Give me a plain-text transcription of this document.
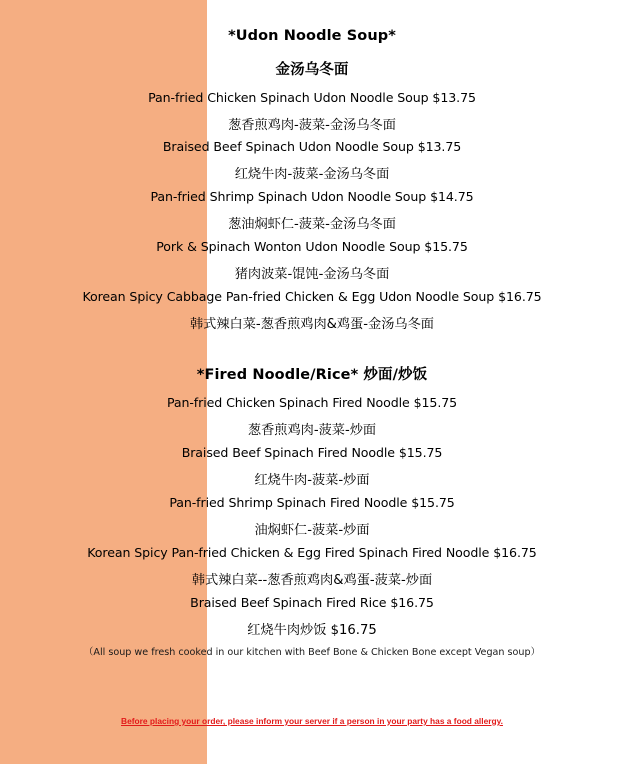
*Udon Noodle Soup*
金汤乌冬面
Pan-fried Chicken Spinach Udon Noodle Soup $13.75
葱香煎鸡肉-菠菜-金汤乌冬面
Braised Beef Spinach Udon Noodle Soup $13.75
红烧牛肉-菠菜-金汤乌冬面
Pan-fried Shrimp Spinach Udon Noodle Soup $14.75
葱油焖虾仁-菠菜-金汤乌冬面
Pork & Spinach Wonton Udon Noodle Soup $15.75
猪肉波菜-馄饨-金汤乌冬面
Korean Spicy Cabbage Pan-fried Chicken & Egg Udon Noodle Soup $16.75
韩式辣白菜-葱香煎鸡肉&鸡蛋-金汤乌冬面
*Fired Noodle/Rice* 炒面/炒饭
Pan-fried Chicken Spinach Fired Noodle $15.75
葱香煎鸡肉-菠菜-炒面
Braised Beef Spinach Fired Noodle $15.75
红烧牛肉-菠菜-炒面
Pan-fried Shrimp Spinach Fired Noodle $15.75
油焖虾仁-菠菜-炒面
Korean Spicy Pan-fried Chicken & Egg Fired Spinach Fired Noodle $16.75
韩式辣白菜--葱香煎鸡肉&鸡蛋-菠菜-炒面
Braised Beef Spinach Fired Rice $16.75
红烧牛肉炒饭 $16.75
（All soup we fresh cooked in our kitchen with Beef Bone & Chicken Bone except Vegan soup）
Before placing your order, please inform your server if a person in your party has a food allergy.
